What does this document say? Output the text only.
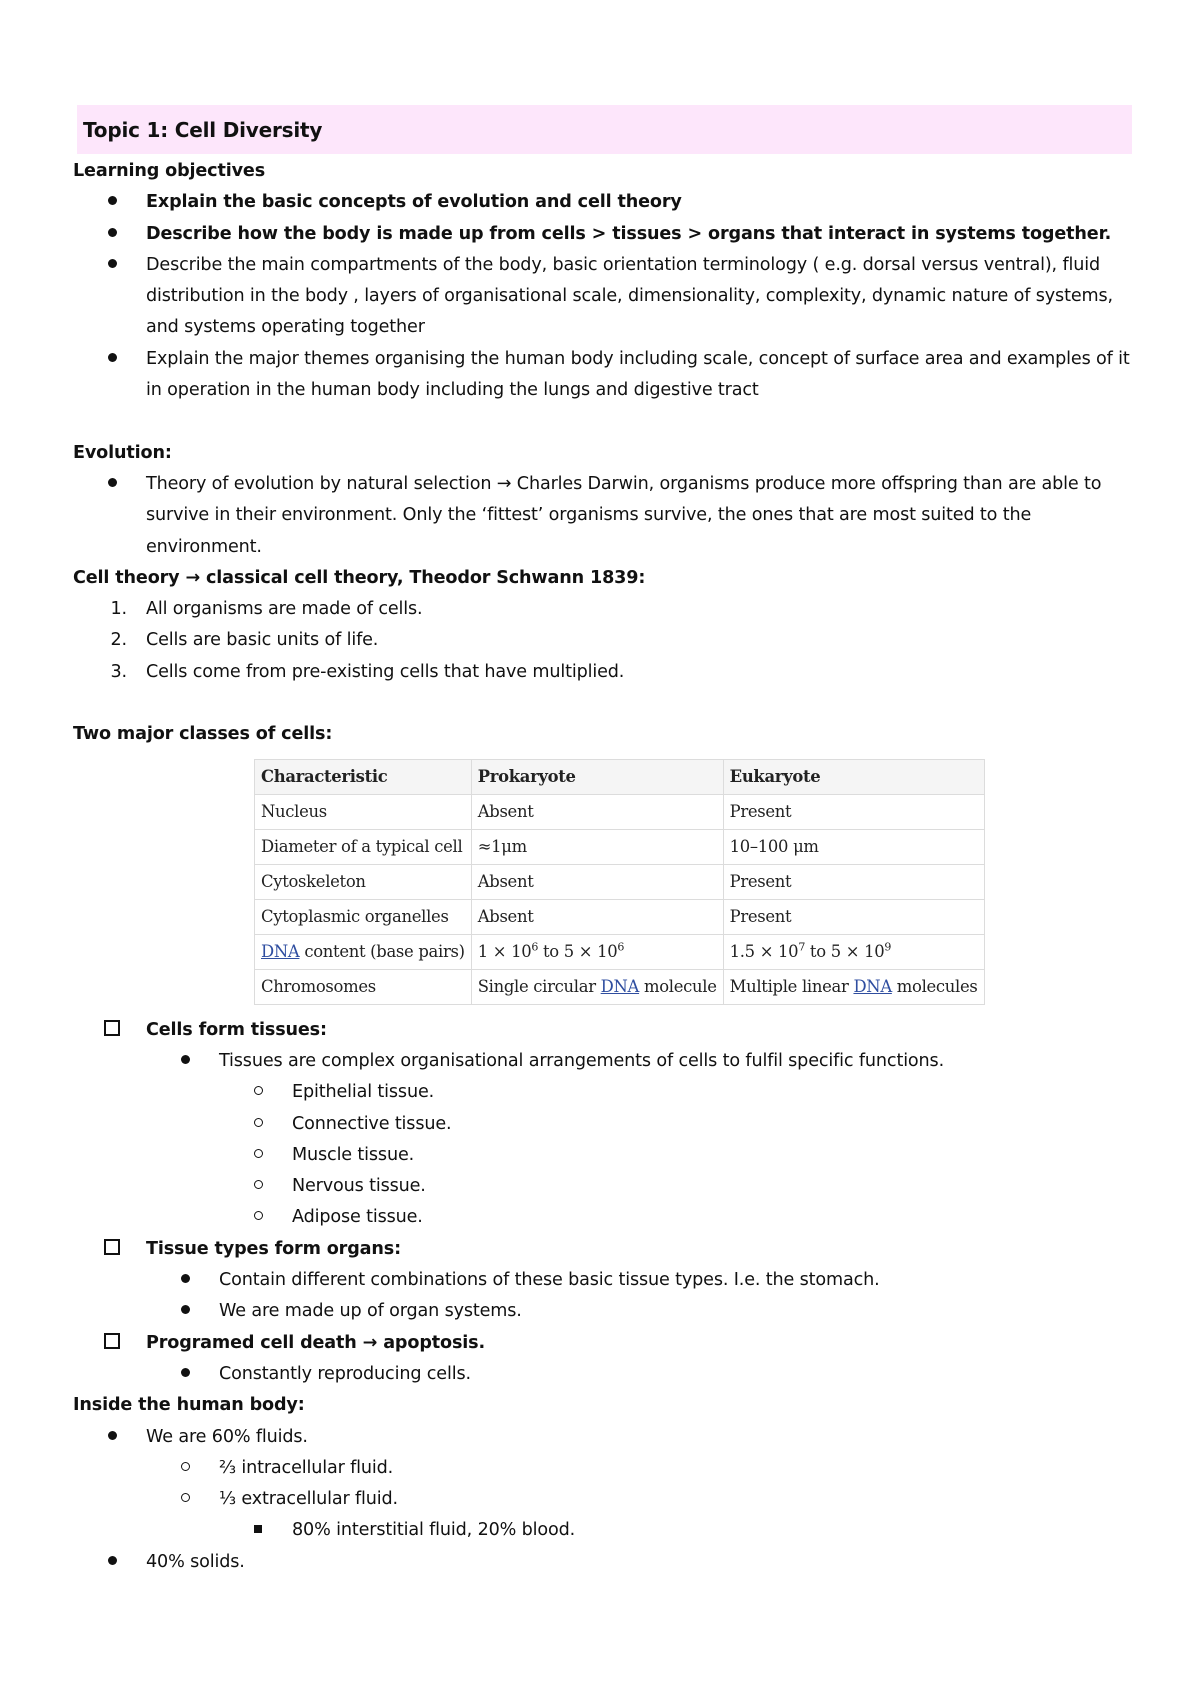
Topic 1: Cell Diversity
Learning objectives
Explain the basic concepts of evolution and cell theory
Describe how the body is made up from cells > tissues > organs that interact in systems together.
Describe the main compartments of the body, basic orientation terminology ( e.g. dorsal versus ventral), fluid distribution in the body , layers of organisational scale, dimensionality, complexity, dynamic nature of systems, and systems operating together
Explain the major themes organising the human body including scale, concept of surface area and examples of it in operation in the human body including the lungs and digestive tract
Evolution:
Theory of evolution by natural selection → Charles Darwin, organisms produce more offspring than are able to survive in their environment. Only the ‘fittest’ organisms survive, the ones that are most suited to the environment.
Cell theory → classical cell theory, Theodor Schwann 1839:
1. All organisms are made of cells.
2. Cells are basic units of life.
3. Cells come from pre-existing cells that have multiplied.
Two major classes of cells:
Characteristic	Prokaryote	Eukaryote
Nucleus	Absent	Present
Diameter of a typical cell	≈1μm	10–100 μm
Cytoskeleton	Absent	Present
Cytoplasmic organelles	Absent	Present
DNA content (base pairs)	$1 \times 10^6$ to $5 \times 10^6$	$1.5 \times 10^7$ to $5 \times 10^9$
Chromosomes	Single circular DNA molecule	Multiple linear DNA molecules
Cells form tissues:
Tissues are complex organisational arrangements of cells to fulfil specific functions.
Epithelial tissue.
Connective tissue.
Muscle tissue.
Nervous tissue.
Adipose tissue.
Tissue types form organs:
Contain different combinations of these basic tissue types. I.e. the stomach.
We are made up of organ systems.
Programed cell death → apoptosis.
Constantly reproducing cells.
Inside the human body:
We are 60% fluids.
⅔ intracellular fluid.
⅓ extracellular fluid.
80% interstitial fluid, 20% blood.
40% solids.
